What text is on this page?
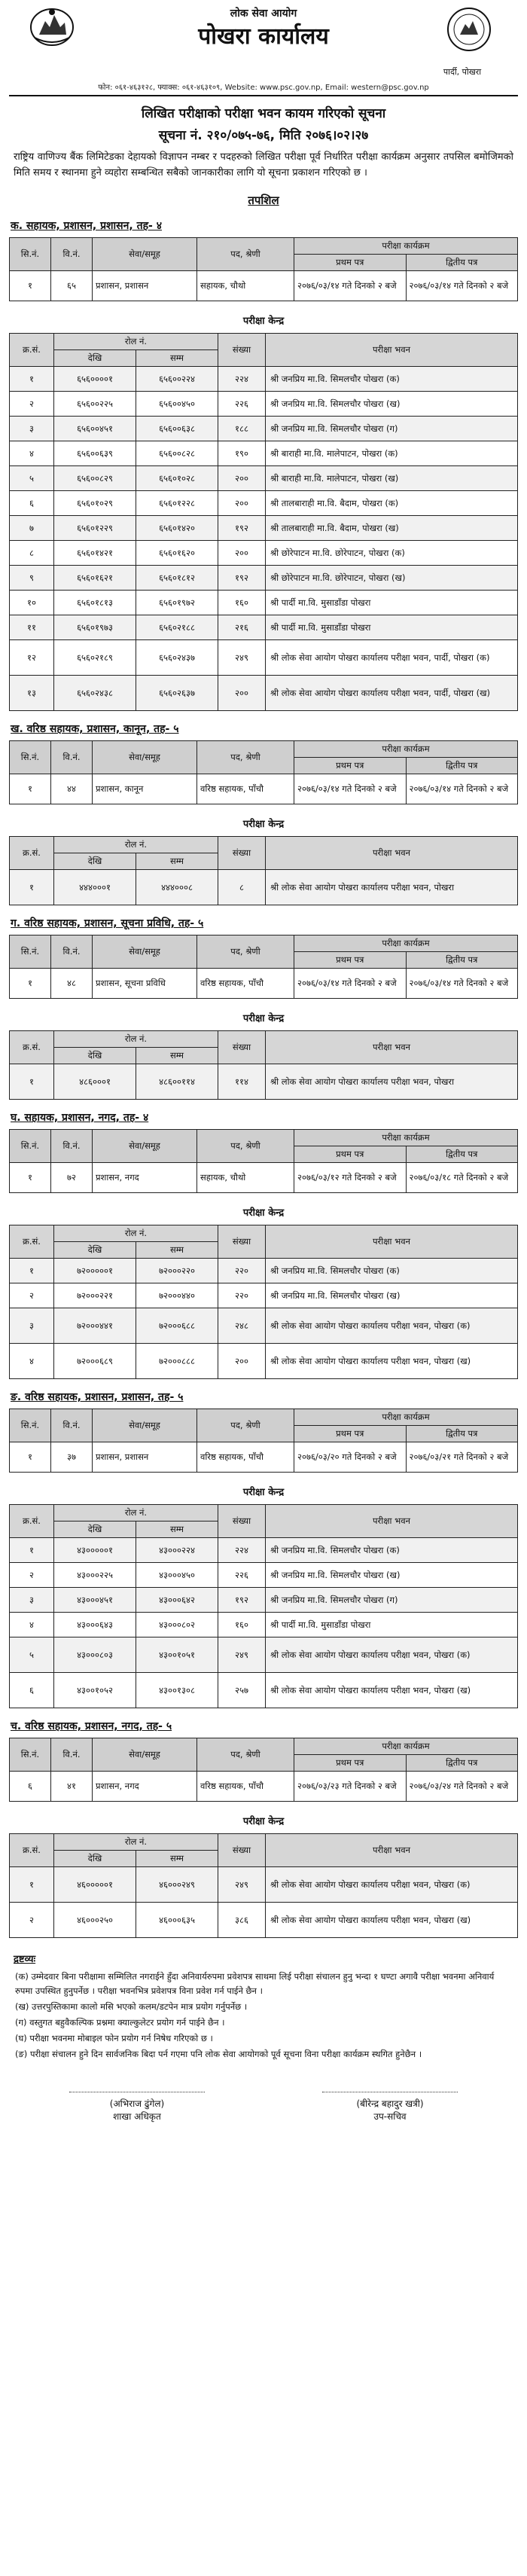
लोक सेवा आयोग
पोखरा कार्यालय
पार्दी, पोखरा
फोन: ०६१-४६३१२८, फ्याक्स: ०६१-४६३१०९, Website: www.psc.gov.np, Email: western@psc.gov.np
लिखित परीक्षाको परीक्षा भवन कायम गरिएको सूचना
सूचना नं. २१०/०७५-७६, मिति २०७६।०२।२७
राष्ट्रिय वाणिज्य बैंक लिमिटेडका देहायको विज्ञापन नम्बर र पदहरुको लिखित परीक्षा पूर्व निर्धारित परीक्षा कार्यक्रम अनुसार तपसिल बमोजिमको मिति समय र स्थानमा हुने व्यहोरा सम्बन्धित सबैको जानकारीका लागि यो सूचना प्रकाशन गरिएको छ ।
तपशिल
क. सहायक, प्रशासन, प्रशासन, तह- ४
सि.नं.	वि.नं.	सेवा/समूह	पद, श्रेणी	परीक्षा कार्यक्रम	
				प्रथम पत्र	द्वितीय पत्र
१	६५	प्रशासन, प्रशासन	सहायक, चौथो	२०७६/०३/१४ गते दिनको २ बजे	२०७६/०३/१४ गते दिनको २ बजे
परीक्षा केन्द्र
क्र.सं.	रोल नं.		संख्या	परीक्षा भवन
	देखि	सम्म		
१	६५६००००१	६५६००२२४	२२४	श्री जनप्रिय मा.वि. सिमलचौर पोखरा (क)
२	६५६००२२५	६५६००४५०	२२६	श्री जनप्रिय मा.वि. सिमलचौर पोखरा (ख)
३	६५६००४५१	६५६००६३८	१८८	श्री जनप्रिय मा.वि. सिमलचौर पोखरा (ग)
४	६५६००६३९	६५६००८२८	१९०	श्री बाराही मा.वि. मालेपाटन, पोखरा (क)
५	६५६००८२९	६५६०१०२८	२००	श्री बाराही मा.वि. मालेपाटन, पोखरा (ख)
६	६५६०१०२९	६५६०१२२८	२००	श्री तालबाराही मा.वि. बैदाम, पोखरा (क)
७	६५६०१२२९	६५६०१४२०	१९२	श्री तालबाराही मा.वि. बैदाम, पोखरा (ख)
८	६५६०१४२१	६५६०१६२०	२००	श्री छोरेपाटन मा.वि. छोरेपाटन, पोखरा (क)
९	६५६०१६२१	६५६०१८१२	१९२	श्री छोरेपाटन मा.वि. छोरेपाटन, पोखरा (ख)
१०	६५६०१८१३	६५६०१९७२	१६०	श्री पार्दी मा.वि. मुसाडाँडा पोखरा
११	६५६०१९७३	६५६०२१८८	२१६	श्री पार्दी मा.वि. मुसाडाँडा पोखरा
१२	६५६०२१८९	६५६०२४३७	२४९	श्री लोक सेवा आयोग पोखरा कार्यालय परीक्षा भवन, पार्दी, पोखरा (क)
१३	६५६०२४३८	६५६०२६३७	२००	श्री लोक सेवा आयोग पोखरा कार्यालय परीक्षा भवन, पार्दी, पोखरा (ख)
ख. वरिष्ठ सहायक, प्रशासन, कानून, तह- ५
सि.नं.	वि.नं.	सेवा/समूह	पद, श्रेणी	परीक्षा कार्यक्रम	
				प्रथम पत्र	द्वितीय पत्र
१	४४	प्रशासन, कानून	वरिष्ठ सहायक, पाँचौ	२०७६/०३/१४ गते दिनको २ बजे	२०७६/०३/१४ गते दिनको २ बजे
परीक्षा केन्द्र
क्र.सं.	रोल नं.		संख्या	परीक्षा भवन
	देखि	सम्म		
१	४४४०००१	४४४०००८	८	श्री लोक सेवा आयोग पोखरा कार्यालय परीक्षा भवन, पोखरा
ग. वरिष्ठ सहायक, प्रशासन, सूचना प्रविधि, तह- ५
सि.नं.	वि.नं.	सेवा/समूह	पद, श्रेणी	परीक्षा कार्यक्रम	
				प्रथम पत्र	द्वितीय पत्र
१	४८	प्रशासन, सूचना प्रविधि	वरिष्ठ सहायक, पाँचौ	२०७६/०३/१४ गते दिनको २ बजे	२०७६/०३/१४ गते दिनको २ बजे
परीक्षा केन्द्र
क्र.सं.	रोल नं.		संख्या	परीक्षा भवन
	देखि	सम्म		
१	४८६०००१	४८६००११४	११४	श्री लोक सेवा आयोग पोखरा कार्यालय परीक्षा भवन, पोखरा
घ. सहायक, प्रशासन, नगद, तह- ४
सि.नं.	वि.नं.	सेवा/समूह	पद, श्रेणी	परीक्षा कार्यक्रम	
				प्रथम पत्र	द्वितीय पत्र
१	७२	प्रशासन, नगद	सहायक, चौथो	२०७६/०३/१२ गते दिनको २ बजे	२०७६/०३/१८ गते दिनको २ बजे
परीक्षा केन्द्र
क्र.सं.	रोल नं.		संख्या	परीक्षा भवन
	देखि	सम्म		
१	७२०००००१	७२०००२२०	२२०	श्री जनप्रिय मा.वि. सिमलचौर पोखरा (क)
२	७२०००२२१	७२०००४४०	२२०	श्री जनप्रिय मा.वि. सिमलचौर पोखरा (ख)
३	७२०००४४१	७२०००६८८	२४८	श्री लोक सेवा आयोग पोखरा कार्यालय परीक्षा भवन, पोखरा (क)
४	७२०००६८९	७२०००८८८	२००	श्री लोक सेवा आयोग पोखरा कार्यालय परीक्षा भवन, पोखरा (ख)
ङ. वरिष्ठ सहायक, प्रशासन, प्रशासन, तह- ५
सि.नं.	वि.नं.	सेवा/समूह	पद, श्रेणी	परीक्षा कार्यक्रम	
				प्रथम पत्र	द्वितीय पत्र
१	३७	प्रशासन, प्रशासन	वरिष्ठ सहायक, पाँचौ	२०७६/०३/२० गते दिनको २ बजे	२०७६/०३/२१ गते दिनको २ बजे
परीक्षा केन्द्र
क्र.सं.	रोल नं.		संख्या	परीक्षा भवन
	देखि	सम्म		
१	४३०००००१	४३०००२२४	२२४	श्री जनप्रिय मा.वि. सिमलचौर पोखरा (क)
२	४३०००२२५	४३०००४५०	२२६	श्री जनप्रिय मा.वि. सिमलचौर पोखरा (ख)
३	४३०००४५१	४३०००६४२	१९२	श्री जनप्रिय मा.वि. सिमलचौर पोखरा (ग)
४	४३०००६४३	४३०००८०२	१६०	श्री पार्दी मा.वि. मुसाडाँडा पोखरा
५	४३०००८०३	४३००१०५१	२४९	श्री लोक सेवा आयोग पोखरा कार्यालय परीक्षा भवन, पोखरा (क)
६	४३००१०५२	४३००१३०८	२५७	श्री लोक सेवा आयोग पोखरा कार्यालय परीक्षा भवन, पोखरा (ख)
च. वरिष्ठ सहायक, प्रशासन, नगद, तह- ५
सि.नं.	वि.नं.	सेवा/समूह	पद, श्रेणी	परीक्षा कार्यक्रम	
				प्रथम पत्र	द्वितीय पत्र
६	४१	प्रशासन, नगद	वरिष्ठ सहायक, पाँचौ	२०७६/०३/२३ गते दिनको २ बजे	२०७६/०३/२४ गते दिनको २ बजे
परीक्षा केन्द्र
क्र.सं.	रोल नं.		संख्या	परीक्षा भवन
	देखि	सम्म		
१	४६०००००१	४६०००२४९	२४९	श्री लोक सेवा आयोग पोखरा कार्यालय परीक्षा भवन, पोखरा (क)
२	४६०००२५०	४६०००६३५	३८६	श्री लोक सेवा आयोग पोखरा कार्यालय परीक्षा भवन, पोखरा (ख)
द्रष्टव्यः
(क) उम्मेदवार बिना परीक्षामा सम्मिलित नगराईने हुँदा अनिवार्यरुपमा प्रवेशपत्र साथमा लिई परीक्षा संचालन हुनु भन्दा १ घण्टा अगावै परीक्षा भवनमा अनिवार्य रुपमा उपस्थित हुनुपर्नेछ । परीक्षा भवनभित्र प्रवेशपत्र विना प्रवेश गर्न पाईने छैन ।
(ख) उत्तरपुस्तिकामा कालो मसि भएको कलम/डटपेन मात्र प्रयोग गर्नुपर्नेछ ।
(ग) वस्तुगत बहुवैकल्पिक प्रश्नमा क्याल्कुलेटर प्रयोग गर्न पाईने छैन ।
(घ) परीक्षा भवनमा मोबाइल फोन प्रयोग गर्न निषेध गरिएको छ ।
(ङ) परीक्षा संचालन हुने दिन सार्वजनिक बिदा पर्न गएमा पनि लोक सेवा आयोगको पूर्व सूचना विना परीक्षा कार्यक्रम स्थगित हुनेछैन ।
(अभिराज ढुंगेल)
शाखा अधिकृत
(बीरेन्द्र बहादुर खत्री)
उप-सचिव
